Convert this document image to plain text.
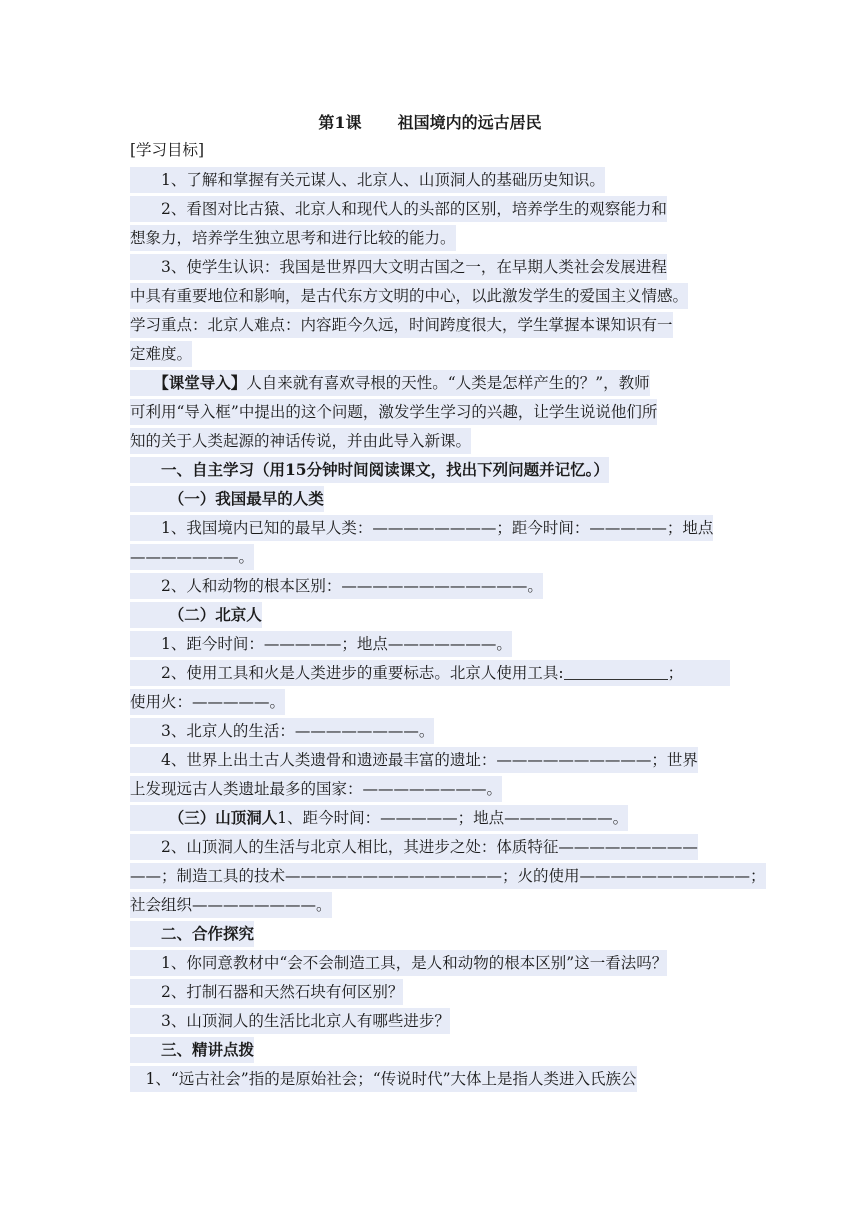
第1课 祖国境内的远古居民
[学习目标]
　　1、了解和掌握有关元谋人、北京人、山顶洞人的基础历史知识。
　　2、看图对比古猿、北京人和现代人的头部的区别，培养学生的观察能力和
想象力，培养学生独立思考和进行比较的能力。
　　3、使学生认识：我国是世界四大文明古国之一，在早期人类社会发展进程
中具有重要地位和影响，是古代东方文明的中心，以此激发学生的爱国主义情感。
学习重点：北京人难点：内容距今久远，时间跨度很大，学生掌握本课知识有一
定难度。
　　【课堂导入】人自来就有喜欢寻根的天性。“人类是怎样产生的？”，教师
可利用“导入框”中提出的这个问题，激发学生学习的兴趣，让学生说说他们所
知的关于人类起源的神话传说，并由此导入新课。
　　一、自主学习（用15分钟时间阅读课文，找出下列问题并记忆。）
　　　（一）我国最早的人类
　　1、我国境内已知的最早人类：————————；距今时间：—————；地点
———————。
　　2、人和动物的根本区别：————————————。
　　　（二）北京人
　　1、距今时间：—————；地点———————。
　　2、使用工具和火是人类进步的重要标志。北京人使用工具:	；
使用火：—————。
　　3、北京人的生活：————————。
　　4、世界上出土古人类遗骨和遗迹最丰富的遗址：——————————；世界
上发现远古人类遗址最多的国家：————————。
　　　（三）山顶洞人1、距今时间：—————；地点———————。
　　2、山顶洞人的生活与北京人相比，其进步之处：体质特征—————————
——；制造工具的技术——————————————；火的使用———————————；
社会组织————————。
　　二、合作探究
　　1、你同意教材中“会不会制造工具，是人和动物的根本区别”这一看法吗？
　　2、打制石器和天然石块有何区别？
　　3、山顶洞人的生活比北京人有哪些进步？
　　三、精讲点拨
　1、“远古社会”指的是原始社会；“传说时代”大体上是指人类进入氏族公
